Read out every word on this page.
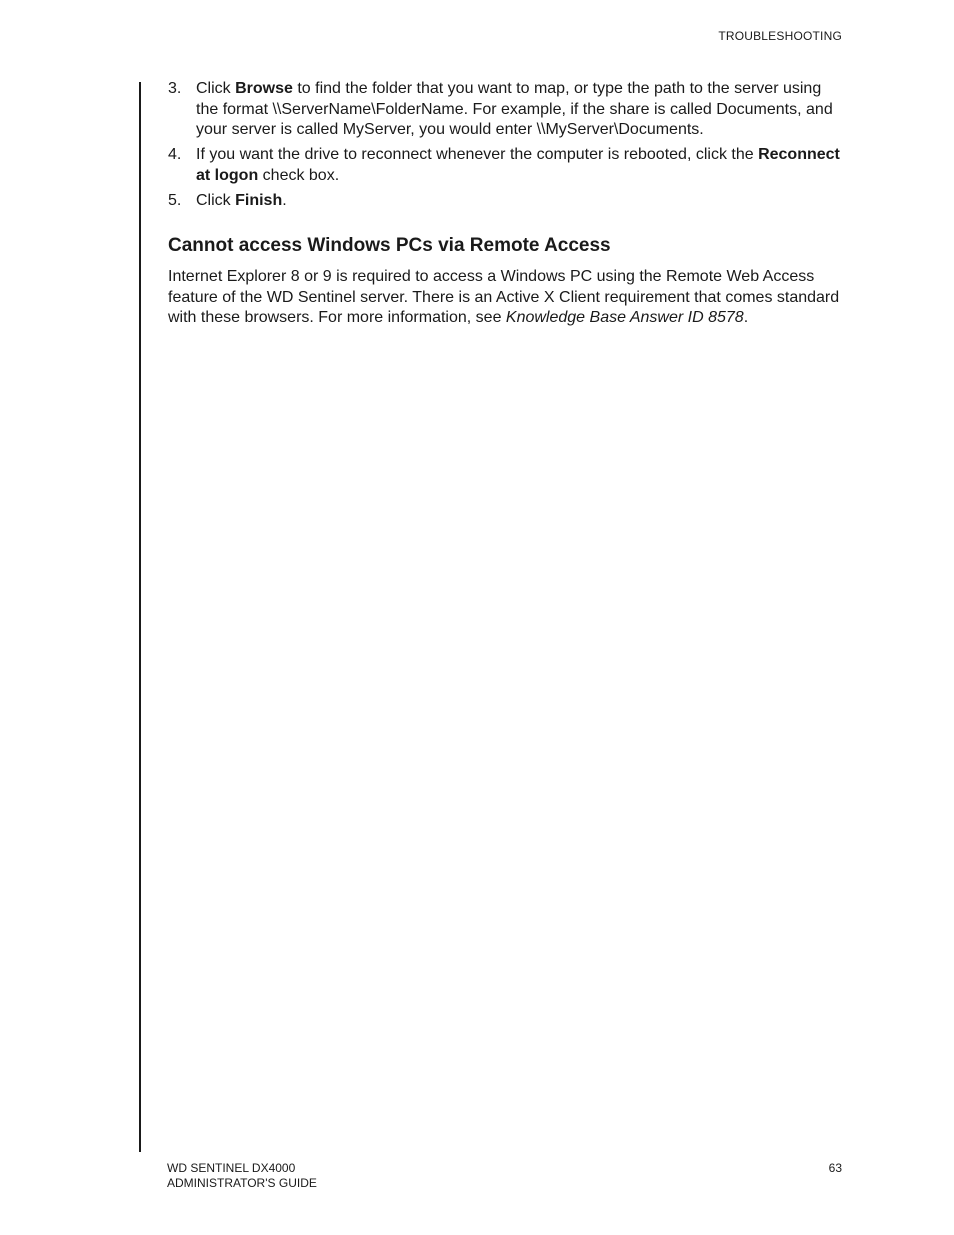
TROUBLESHOOTING
3. Click Browse to find the folder that you want to map, or type the path to the server using the format \\ServerName\FolderName. For example, if the share is called Documents, and your server is called MyServer, you would enter \\MyServer\Documents.
4. If you want the drive to reconnect whenever the computer is rebooted, click the Reconnect at logon check box.
5. Click Finish.
Cannot access Windows PCs via Remote Access

Internet Explorer 8 or 9 is required to access a Windows PC using the Remote Web Access feature of the WD Sentinel server. There is an Active X Client requirement that comes standard with these browsers. For more information, see Knowledge Base Answer ID 8578.

WD SENTINEL DX4000
ADMINISTRATOR'S GUIDE
63
